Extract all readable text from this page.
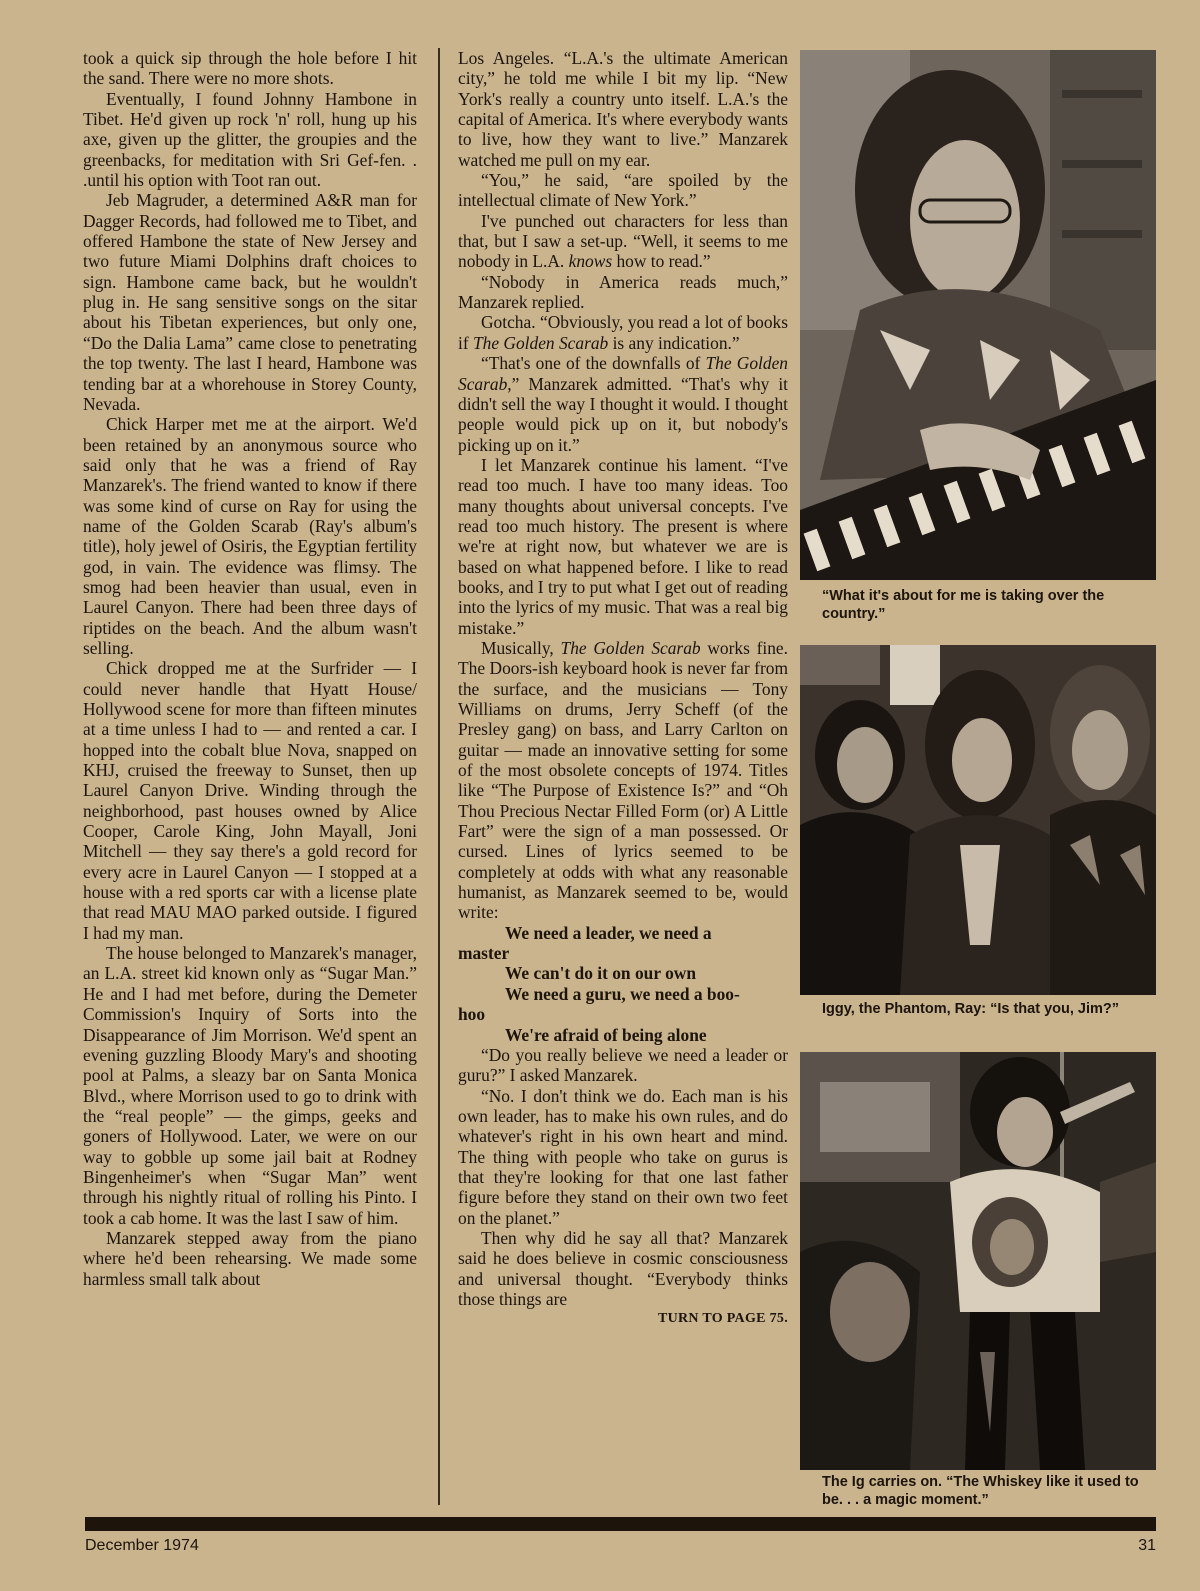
took a quick sip through the hole before I hit the sand. There were no more shots.

Eventually, I found Johnny Hambone in Tibet. He'd given up rock 'n' roll, hung up his axe, given up the glitter, the groupies and the greenbacks, for meditation with Sri Gef-fen. . .until his option with Toot ran out.

Jeb Magruder, a determined A&R man for Dagger Records, had followed me to Tibet, and offered Hambone the state of New Jersey and two future Miami Dolphins draft choices to sign. Hambone came back, but he wouldn't plug in. He sang sensitive songs on the sitar about his Tibetan experiences, but only one, “Do the Dalia Lama” came close to penetrating the top twenty. The last I heard, Hambone was tending bar at a whorehouse in Storey County, Nevada.

Chick Harper met me at the airport. We'd been retained by an anonymous source who said only that he was a friend of Ray Manzarek's. The friend wanted to know if there was some kind of curse on Ray for using the name of the Golden Scarab (Ray's album's title), holy jewel of Osiris, the Egyptian fertility god, in vain. The evidence was flimsy. The smog had been heavier than usual, even in Laurel Canyon. There had been three days of riptides on the beach. And the album wasn't selling.

Chick dropped me at the Surfrider — I could never handle that Hyatt House/ Hollywood scene for more than fifteen minutes at a time unless I had to — and rented a car. I hopped into the cobalt blue Nova, snapped on KHJ, cruised the freeway to Sunset, then up Laurel Canyon Drive. Winding through the neighborhood, past houses owned by Alice Cooper, Carole King, John Mayall, Joni Mitchell — they say there's a gold record for every acre in Laurel Canyon — I stopped at a house with a red sports car with a license plate that read MAU MAO parked outside. I figured I had my man.

The house belonged to Manzarek's manager, an L.A. street kid known only as “Sugar Man.” He and I had met before, during the Demeter Commission's Inquiry of Sorts into the Disappearance of Jim Morrison. We'd spent an evening guzzling Bloody Mary's and shooting pool at Palms, a sleazy bar on Santa Monica Blvd., where Morrison used to go to drink with the “real people” — the gimps, geeks and goners of Hollywood. Later, we were on our way to gobble up some jail bait at Rodney Bingenheimer's when “Sugar Man” went through his nightly ritual of rolling his Pinto. I took a cab home. It was the last I saw of him.

Manzarek stepped away from the piano where he'd been rehearsing. We made some harmless small talk about

Los Angeles. “L.A.'s the ultimate American city,” he told me while I bit my lip. “New York's really a country unto itself. L.A.'s the capital of America. It's where everybody wants to live, how they want to live.” Manzarek watched me pull on my ear.

“You,” he said, “are spoiled by the intellectual climate of New York.”

I've punched out characters for less than that, but I saw a set-up. “Well, it seems to me nobody in L.A. knows how to read.”

“Nobody in America reads much,” Manzarek replied.

Gotcha. “Obviously, you read a lot of books if The Golden Scarab is any indication.”

“That's one of the downfalls of The Golden Scarab,” Manzarek admitted. “That's why it didn't sell the way I thought it would. I thought people would pick up on it, but nobody's picking up on it.”

I let Manzarek continue his lament. “I've read too much. I have too many ideas. Too many thoughts about universal concepts. I've read too much history. The present is where we're at right now, but whatever we are is based on what happened before. I like to read books, and I try to put what I get out of reading into the lyrics of my music. That was a real big mistake.”

Musically, The Golden Scarab works fine. The Doors-ish keyboard hook is never far from the surface, and the musicians — Tony Williams on drums, Jerry Scheff (of the Presley gang) on bass, and Larry Carlton on guitar — made an innovative setting for some of the most obsolete concepts of 1974. Titles like “The Purpose of Existence Is?” and “Oh Thou Precious Nectar Filled Form (or) A Little Fart” were the sign of a man possessed. Or cursed. Lines of lyrics seemed to be completely at odds with what any reasonable humanist, as Manzarek seemed to be, would write:

We need a leader, we need a

master

We can't do it on our own

We need a guru, we need a boo-

hoo

We're afraid of being alone

“Do you really believe we need a leader or guru?” I asked Manzarek.

“No. I don't think we do. Each man is his own leader, has to make his own rules, and do whatever's right in his own heart and mind. The thing with people who take on gurus is that they're looking for that one last father figure before they stand on their own two feet on the planet.”

Then why did he say all that? Manzarek said he does believe in cosmic consciousness and universal thought. “Everybody thinks those things are

TURN TO PAGE 75.

“What it's about for me is taking over the country.”
Iggy, the Phantom, Ray: “Is that you, Jim?”
The Ig carries on. “The Whiskey like it used to be. . . a magic moment.”
December 1974	31
